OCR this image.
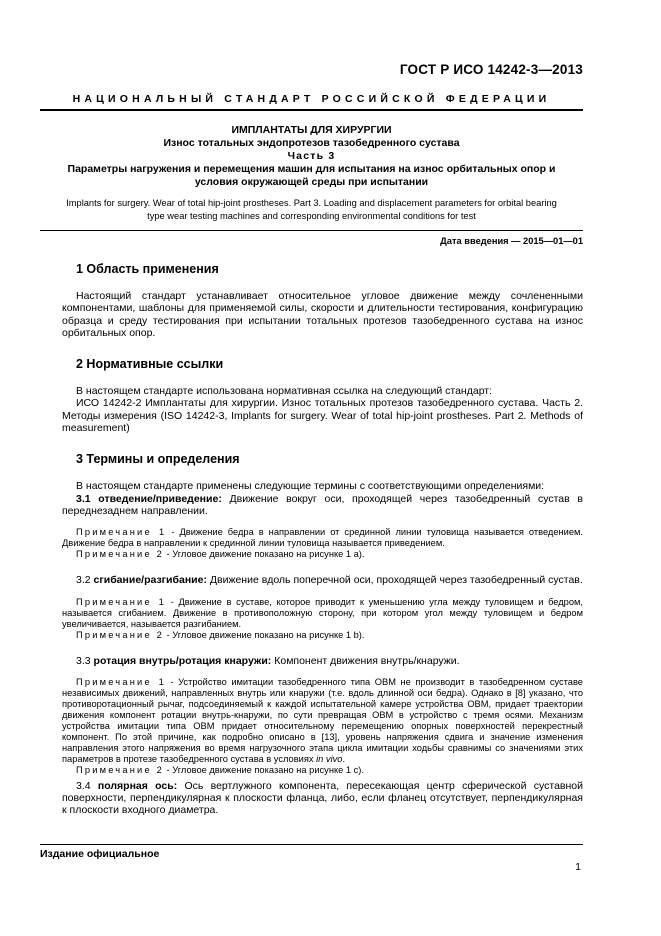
ГОСТ Р ИСО 14242-3—2013
НАЦИОНАЛЬНЫЙ СТАНДАРТ РОССИЙСКОЙ ФЕДЕРАЦИИ
ИМПЛАНТАТЫ ДЛЯ ХИРУРГИИ
Износ тотальных эндопротезов тазобедренного сустава
Часть 3
Параметры нагружения и перемещения машин для испытания на износ орбитальных опор и
условия окружающей среды при испытании
Implants for surgery. Wear of total hip-joint prostheses. Part 3. Loading and displacement parameters for orbital bearing
type wear testing machines and corresponding environmental conditions for test
Дата введения — 2015—01—01
1 Область применения

Настоящий стандарт устанавливает относительное угловое движение между сочлененными компонентами, шаблоны для применяемой силы, скорости и длительности тестирования, конфигурацию образца и среду тестирования при испытании тотальных протезов тазобедренного сустава на износ орбитальных опор.

2 Нормативные ссылки

В настоящем стандарте использована нормативная ссылка на следующий стандарт:

ИСО 14242-2 Имплантаты для хирургии. Износ тотальных протезов тазобедренного сустава. Часть 2. Методы измерения (ISO 14242-3, Implants for surgery. Wear of total hip-joint prostheses. Part 2. Methods of measurement)

3 Термины и определения

В настоящем стандарте применены следующие термины с соответствующими определениями:

3.1 отведение/приведение: Движение вокруг оси, проходящей через тазобедренный сустав в переднезаднем направлении.

Примечание 1 - Движение бедра в направлении от срединной линии туловища называется отведением. Движение бедра в направлении к срединной линии туловища называется приведением.

Примечание 2 - Угловое движение показано на рисунке 1 а).

3.2 сгибание/разгибание: Движение вдоль поперечной оси, проходящей через тазобедренный сустав.

Примечание 1 - Движение в суставе, которое приводит к уменьшению угла между туловищем и бедром, называется сгибанием. Движение в противоположную сторону, при котором угол между туловищем и бедром увеличивается, называется разгибанием.

Примечание 2 - Угловое движение показано на рисунке 1 b).

3.3 ротация внутрь/ротация кнаружи: Компонент движения внутрь/кнаружи.

Примечание 1 - Устройство имитации тазобедренного типа ОВМ не производит в тазобедренном суставе независимых движений, направленных внутрь или кнаружи (т.е. вдоль длинной оси бедра). Однако в [8] указано, что противоротационный рычаг, подсоединяемый к каждой испытательной камере устройства ОВМ, придает траектории движения компонент ротации внутрь-кнаружи, по сути превращая ОВМ в устройство с тремя осями. Механизм устройства имитации типа ОВМ придает относительному перемещению опорных поверхностей перекрестный компонент. По этой причине, как подробно описано в [13], уровень напряжения сдвига и значение изменения направления этого напряжения во время нагрузочного этапа цикла имитации ходьбы сравнимы со значениями этих параметров в протезе тазобедренного сустава в условиях in vivo.

Примечание 2 - Угловое движение показано на рисунке 1 с).

3.4 полярная ось: Ось вертлужного компонента, пересекающая центр сферической суставной поверхности, перпендикулярная к плоскости фланца, либо, если фланец отсутствует, перпендикулярная к плоскости входного диаметра.

Издание официальное
1
